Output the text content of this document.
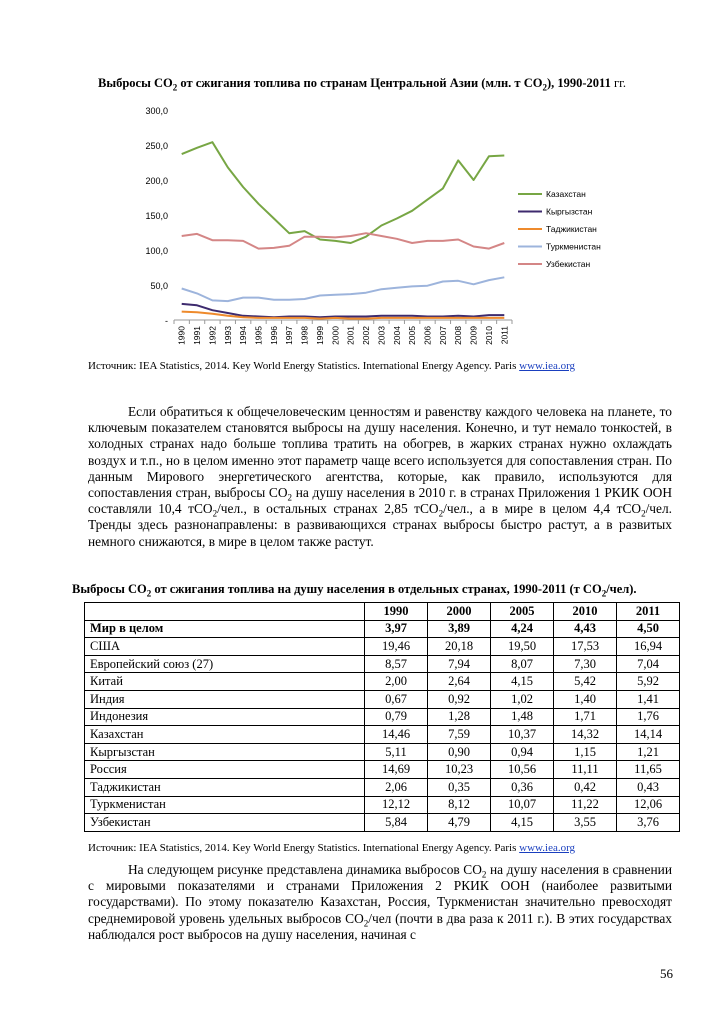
Выбросы $CO_2$ от сжигания топлива по странам Центральной Азии (млн. т $CO_2$), 1990-2011 гг.
300,0
250,0
200,0
150,0
100,0
50,0
-
1990 1991 1992 1993 1994 1995 1996 1997 1998 1999 2000 2001 2002 2003 2004 2005 2006 2007 2008 2009 2010 2011
Казахстан
Кыргызстан
Таджикистан
Туркменистан
Узбекистан
Источник: IEA Statistics, 2014. Key World Energy Statistics. International Energy Agency. Paris www.iea.org

Если обратиться к общечеловеческим ценностям и равенству каждого человека на планете, то ключевым показателем становятся выбросы на душу населения. Конечно, и тут немало тонкостей, в холодных странах надо больше топлива тратить на обогрев, в жарких странах нужно охлаждать воздух и т.п., но в целом именно этот параметр чаще всего используется для сопоставления стран. По данным Мирового энергетического агентства, которые, как правило, используются для сопоставления стран, выбросы $CO_2$ на душу населения в 2010 г. в странах Приложения 1 РКИК ООН составляли 10,4 тCO$_2$/чел., в остальных странах 2,85 тCO$_2$/чел., а в мире в целом 4,4 тCO$_2$/чел. Тренды здесь разнонаправлены: в развивающихся странах выбросы быстро растут, а в развитых немного снижаются, в мире в целом также растут.

Выбросы $CO_2$ от сжигания топлива на душу населения в отдельных странах, 1990-2011 (т $CO_2/чел$).
	1990	2000	2005	2010	2011
Мир в целом	3,97	3,89	4,24	4,43	4,50
США	19,46	20,18	19,50	17,53	16,94
Европейский союз (27)	8,57	7,94	8,07	7,30	7,04
Китай	2,00	2,64	4,15	5,42	5,92
Индия	0,67	0,92	1,02	1,40	1,41
Индонезия	0,79	1,28	1,48	1,71	1,76
Казахстан	14,46	7,59	10,37	14,32	14,14
Кыргызстан	5,11	0,90	0,94	1,15	1,21
Россия	14,69	10,23	10,56	11,11	11,65
Таджикистан	2,06	0,35	0,36	0,42	0,43
Туркменистан	12,12	8,12	10,07	11,22	12,06
Узбекистан	5,84	4,79	4,15	3,55	3,76
Источник: IEA Statistics, 2014. Key World Energy Statistics. International Energy Agency. Paris www.iea.org

На следующем рисунке представлена динамика выбросов $CO_2$ на душу населения в сравнении с мировыми показателями и странами Приложения 2 РКИК ООН (наиболее развитыми государствами). По этому показателю Казахстан, Россия, Туркменистан значительно превосходят среднемировой уровень удельных выбросов $CO_2$/чел (почти в два раза к 2011 г.). В этих государствах наблюдался рост выбросов на душу населения, начиная с

56
